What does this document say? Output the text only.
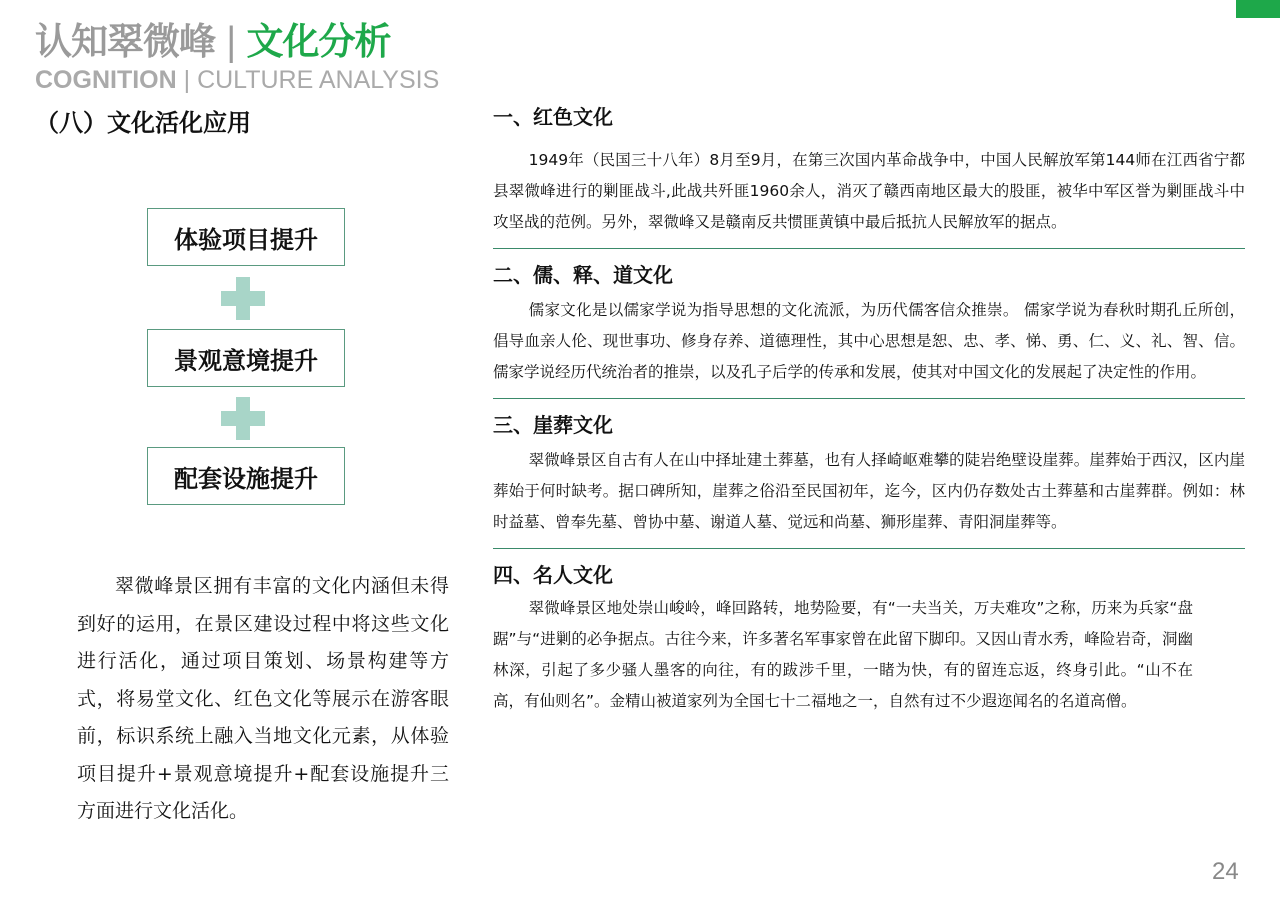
认知翠微峰 | 文化分析
COGNITION | CULTURE ANALYSIS
（八）文化活化应用
体验项目提升
景观意境提升
配套设施提升
翠微峰景区拥有丰富的文化内涵但未得到好的运用，在景区建设过程中将这些文化进行活化，通过项目策划、场景构建等方式，将易堂文化、红色文化等展示在游客眼前，标识系统上融入当地文化元素，从体验项目提升+景观意境提升+配套设施提升三方面进行文化活化。
一、红色文化
1949年（民国三十八年）8月至9月，在第三次国内革命战争中，中国人民解放军第144师在江西省宁都县翠微峰进行的剿匪战斗,此战共歼匪1960余人，消灭了赣西南地区最大的股匪，被华中军区誉为剿匪战斗中攻坚战的范例。另外，翠微峰又是赣南反共惯匪黄镇中最后抵抗人民解放军的据点。
二、儒、释、道文化
儒家文化是以儒家学说为指导思想的文化流派，为历代儒客信众推崇。 儒家学说为春秋时期孔丘所创，倡导血亲人伦、现世事功、修身存养、道德理性，其中心思想是恕、忠、孝、悌、勇、仁、义、礼、智、信。儒家学说经历代统治者的推崇，以及孔子后学的传承和发展，使其对中国文化的发展起了决定性的作用。
三、崖葬文化
翠微峰景区自古有人在山中择址建土葬墓，也有人择崎岖难攀的陡岩绝壁设崖葬。崖葬始于西汉，区内崖葬始于何时缺考。据口碑所知，崖葬之俗沿至民国初年，迄今，区内仍存数处古土葬墓和古崖葬群。例如：林时益墓、曾奉先墓、曾协中墓、谢道人墓、觉远和尚墓、狮形崖葬、青阳洞崖葬等。
四、名人文化
翠微峰景区地处崇山峻岭，峰回路转，地势险要，有“一夫当关，万夫难攻”之称，历来为兵家“盘踞”与“进剿的必争据点。古往今来，许多著名军事家曾在此留下脚印。又因山青水秀，峰险岩奇，洞幽林深，引起了多少骚人墨客的向往，有的跋涉千里，一睹为快，有的留连忘返，终身引此。“山不在高，有仙则名”。金精山被道家列为全国七十二福地之一，自然有过不少遐迩闻名的名道高僧。
24
